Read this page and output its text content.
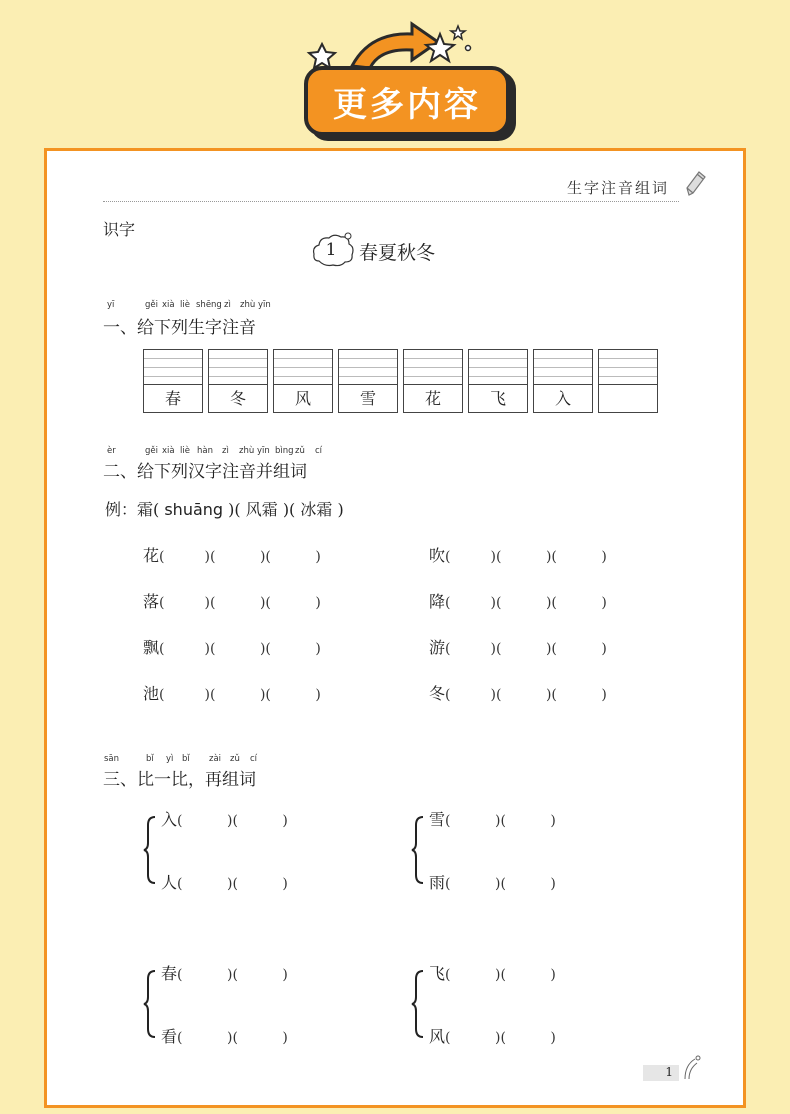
更多内容
生字注音组词
识字
1	春夏秋冬
yī	gěi xià liè shēng zì zhù yīn
一、给下列生字注音
春	冬	风	雪	花	飞	入
èr	gěi xià liè hàn zì zhù yīn bìng zǔ cí
二、给下列汉字注音并组词
例：霜( shuāng )( 风霜 )( 冰霜 )
花(         )(          )(          )
落(         )(          )(          )
飘(         )(          )(          )
池(         )(          )(          )
吹(         )(          )(          )
降(         )(          )(          )
游(         )(          )(          )
冬(         )(          )(          )
sān	bǐ yì bǐ zài zǔ cí
三、比一比，再组词
入(          )(          )
人(          )(          )
雪(          )(          )
雨(          )(          )
春(          )(          )
看(          )(          )
飞(          )(          )
风(          )(          )
1
